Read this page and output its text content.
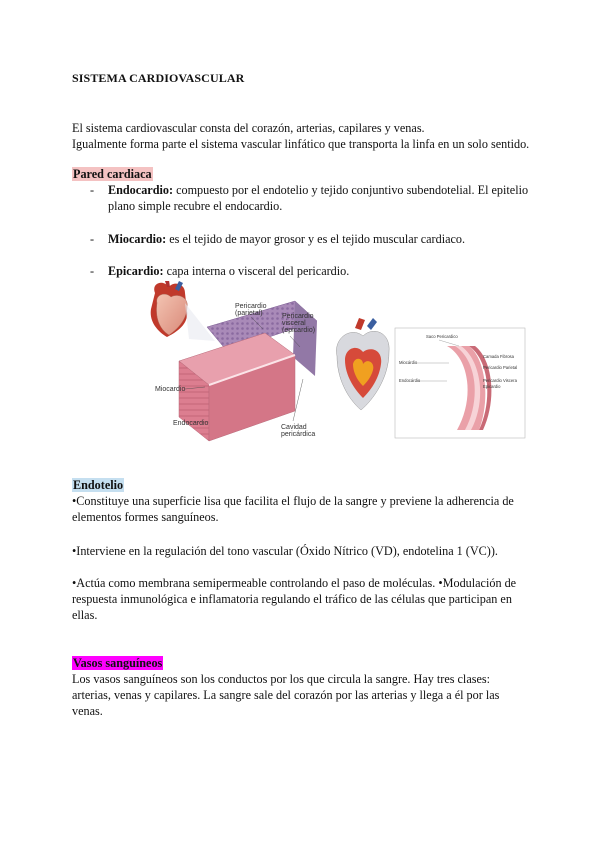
SISTEMA CARDIOVASCULAR
El sistema cardiovascular consta del corazón, arterias, capilares y venas.
Igualmente forma parte el sistema vascular linfático que transporta la linfa en un solo sentido.
Pared cardiaca
- Endocardio: compuesto por el endotelio y tejido conjuntivo subendotelial. El epitelio
plano simple recubre el endocardio.
- Miocardio: es el tejido de mayor grosor y es el tejido muscular cardiaco.
- Epicardio: capa interna o visceral del pericardio.
Pericardio
(parietal)	Pericardio
visceral
(epicardio)
Miocardio
Endocardio
Cavidad
pericárdica
Saco Pericardico
Camada Fibrosa
Pericardio Parietal
Pericardio Viscera
Epicardio
Miocárdio
Endocárdio
Endotelio
•Constituye una superficie lisa que facilita el flujo de la sangre y previene la adherencia de
elementos formes sanguíneos.
•Interviene en la regulación del tono vascular (Óxido Nítrico (VD), endotelina 1 (VC)).
•Actúa como membrana semipermeable controlando el paso de moléculas. •Modulación de
respuesta inmunológica e inflamatoria regulando el tráfico de las células que participan en
ellas.
Vasos sanguíneos
Los vasos sanguíneos son los conductos por los que circula la sangre. Hay tres clases:
arterias, venas y capilares. La sangre sale del corazón por las arterias y llega a él por las
venas.
